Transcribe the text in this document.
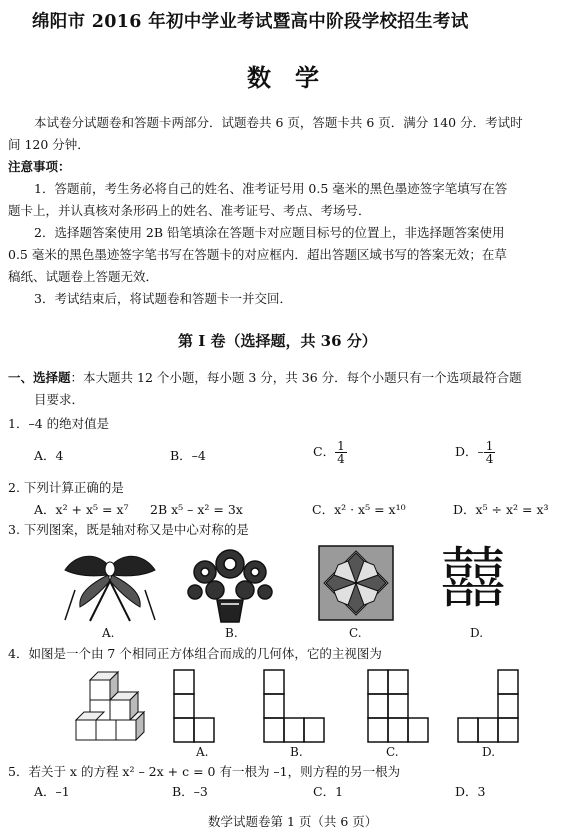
绵阳市 2016 年初中学业考试暨高中阶段学校招生考试
数学
本试卷分试题卷和答题卡两部分．试题卷共 6 页，答题卡共 6 页．满分 140 分．考试时
间 120 分钟．
注意事项：
1．答题前，考生务必将自己的姓名、准考证号用 0.5 毫米的黑色墨迹签字笔填写在答
题卡上，并认真核对条形码上的姓名、准考证号、考点、考场号．
2．选择题答案使用 2B 铅笔填涂在答题卡对应题目标号的位置上，非选择题答案使用
0.5 毫米的黑色墨迹签字笔书写在答题卡的对应框内．超出答题区域书写的答案无效；在草
稿纸、试题卷上答题无效．
3．考试结束后，将试题卷和答题卡一并交回．
第 I 卷（选择题，共 36 分）
一、选择题：本大题共 12 个小题，每小题 3 分，共 36 分．每个小题只有一个选项最符合题
目要求．
1．–4 的绝对值是
A．4	B．–4	C． $\frac{1}{4}$	D．– $\frac{1}{4}$
2. 下列计算正确的是
A．x² + x⁵ = x⁷ 2B x⁵ – x² = 3x	C．x² · x⁵ = x¹⁰	D．x⁵ ÷ x² = x³
3. 下列图案，既是轴对称又是中心对称的是
A.	B.	C.
囍
D.
4．如图是一个由 7 个相同正方体组合而成的几何体，它的主视图为
A.	B.	C.	D.
5．若关于 x 的方程 x² – 2x + c = 0 有一根为 –1，则方程的另一根为
A．–1	B．–3	C．1	D．3
数学试题卷第 1 页（共 6 页）
